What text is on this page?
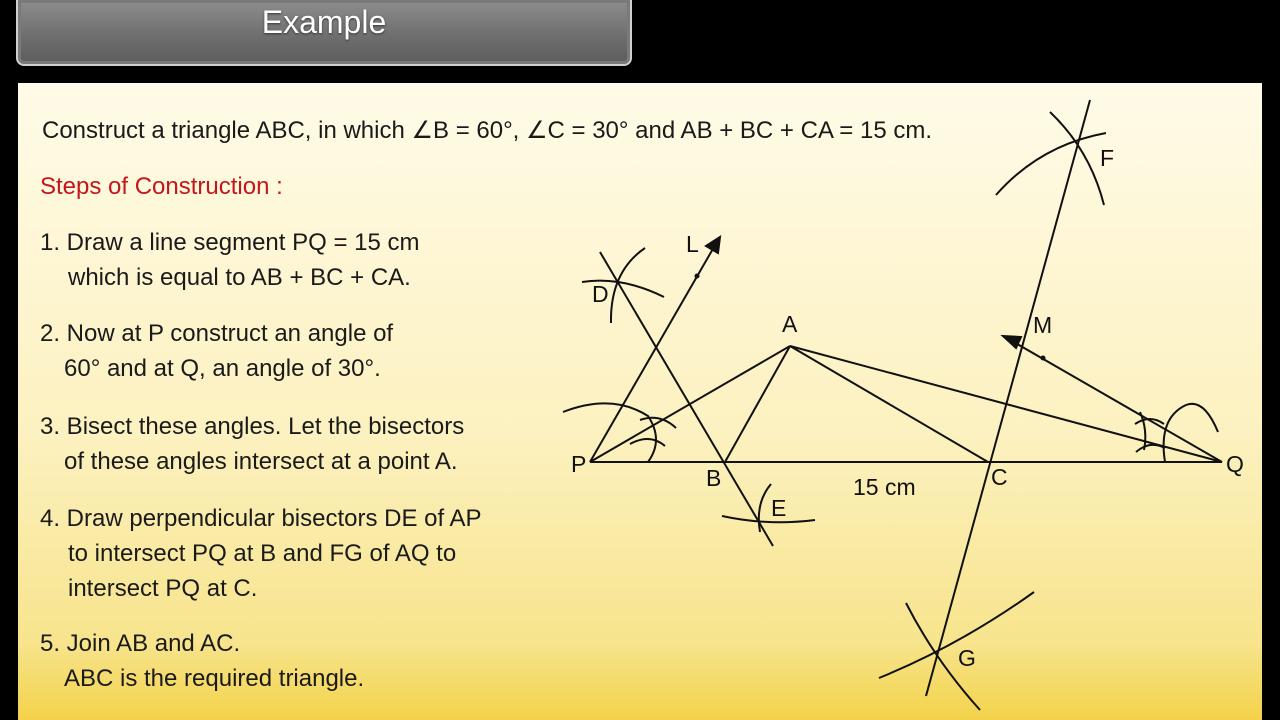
Example
Construct a triangle ABC, in which ∠B = 60°, ∠C = 30° and AB + BC + CA = 15 cm.
Steps of Construction :
1. Draw a line segment PQ = 15 cm
which is equal to AB + BC + CA.
2. Now at P construct an angle of
60° and at Q, an angle of 30°.
3. Bisect these angles. Let the bisectors
of these angles intersect at a point A.
4. Draw perpendicular bisectors DE of AP
to intersect PQ at B and FG of AQ to
intersect PQ at C.
5. Join AB and AC.
ABC is the required triangle.
P	Q
A
B	C
D
E
F
G
L
M
15 cm
